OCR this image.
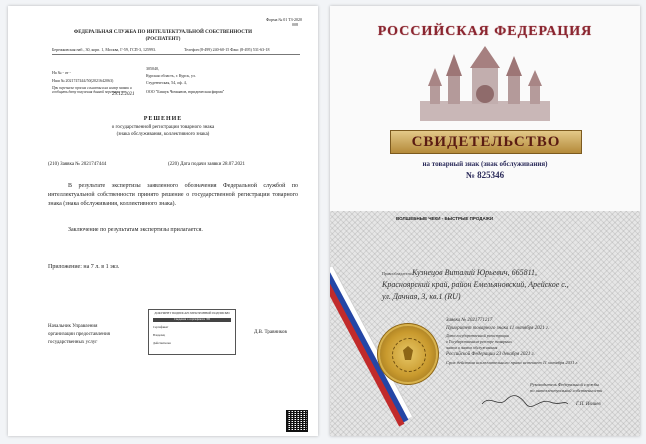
Форма № 01 ТЗ-2020
008
ФЕДЕРАЛЬНАЯ СЛУЖБА ПО ИНТЕЛЛЕКТУАЛЬНОЙ СОБСТВЕННОСТИ
(РОСПАТЕНТ)
Бережковская наб., 30, корп. 1, Москва, Г-59, ГСП-3, 125993.	Телефон (8-499) 240-60-15 Факс (8-495) 531-63-18
На № - от -
Наш № 2021747444/50(2021642063)
При переписке просим ссылаться на номер заявки и сообщить дату получения данной переписки от
29.12.2021
305040,
Курская область, г. Курск, ул.
Студенческая, 54, оф. 4,
ООО "Бишук Чичьянов, юридическая фирма"
РЕШЕНИЕ
о государственной регистрации товарного знака
(знака обслуживания, коллективного знака)
(210) Заявка № 2021747444	(220) Дата подачи заявки 28.07.2021
В результате экспертизы заявленного обозначения Федеральной службой по интеллектуальной собственности принято решение о государственной регистрации товарного знака (знака обслуживания, коллективного знака).
Заключение по результатам экспертизы прилагается.
Приложение: на 7 л. в 1 экз.
Начальник Управления
организации предоставления
государственных услуг
Д.В. Травников
ДОКУМЕНТ ПОДПИСАН ЭЛЕКТРОННОЙ ПОДПИСЬЮ
Сведения о сертификате ЭП
Сертификат
Владелец
Действителен
РОССИЙСКАЯ ФЕДЕРАЦИЯ
СВИДЕТЕЛЬСТВО
на товарный знак (знак обслуживания)
№ 825346
ВОЛШЕБНЫЕ ЧЕКИ - БЫСТРЫЕ ПРОДАЖИ
Правообладатель: Кузнецов Виталий Юрьевич, 665811,
Красноярский край, район Емельяновский, Арейское с.,
ул. Дачная, 3, кв.1 (RU)
Заявка № 2021771217
Приоритет товарного знака 11 октября 2021 г.
Дата государственной регистрации
в Государственном реестре товарных
знаков и знаков обслуживания
Российской Федерации 23 декабря 2021 г.
Срок действия исключительного права истекает 11 октября 2031 г.
Руководитель Федеральной службы
по интеллектуальной собственности
Г.П. Ивлиев
